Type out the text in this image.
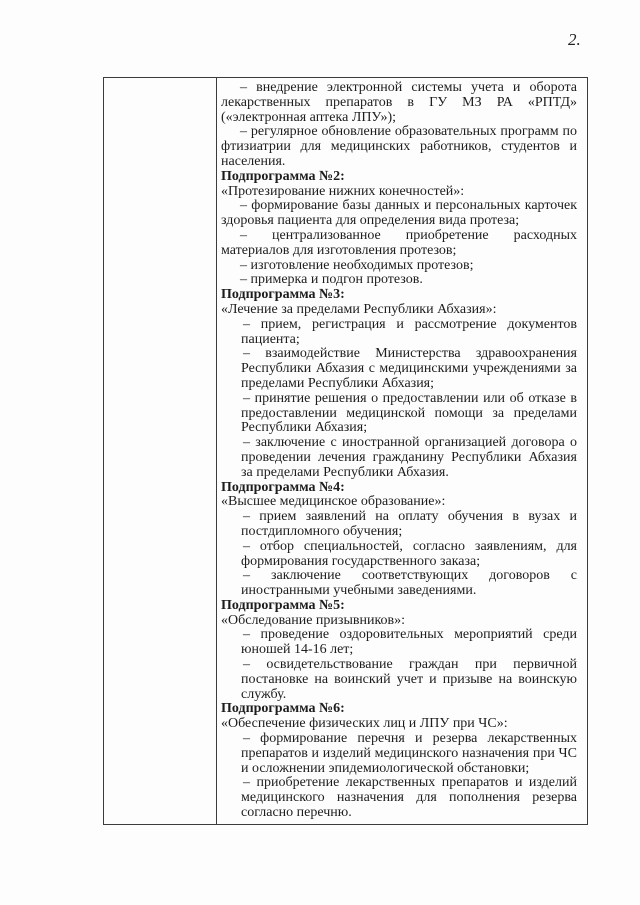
2.

– внедрение электронной системы учета и оборота лекарственных препаратов в ГУ МЗ РА «РПТД» («электронная аптека ЛПУ»);

– регулярное обновление образовательных программ по фтизиатрии для медицинских работников, студентов и населения.

Подпрограмма №2:

«Протезирование нижних конечностей»:

– формирование базы данных и персональных карточек здоровья пациента для определения вида протеза;

– централизованное приобретение расходных материалов для изготовления протезов;

– изготовление необходимых протезов;

– примерка и подгон протезов.

Подпрограмма №3:

«Лечение за пределами Республики Абхазия»:

– прием, регистрация и рассмотрение документов пациента;

– взаимодействие Министерства здравоохранения Республики Абхазия с медицинскими учреждениями за пределами Республики Абхазия;

– принятие решения о предоставлении или об отказе в предоставлении медицинской помощи за пределами Республики Абхазия;

– заключение с иностранной организацией договора о проведении лечения гражданину Республики Абхазия за пределами Республики Абхазия.

Подпрограмма №4:

«Высшее медицинское образование»:

– прием заявлений на оплату обучения в вузах и постдипломного обучения;

– отбор специальностей, согласно заявлениям, для формирования государственного заказа;

– заключение соответствующих договоров с иностранными учебными заведениями.

Подпрограмма №5:

«Обследование призывников»:

– проведение оздоровительных мероприятий среди юношей 14-16 лет;

– освидетельствование граждан при первичной постановке на воинский учет и призыве на воинскую службу.

Подпрограмма №6:

«Обеспечение физических лиц и ЛПУ при ЧС»:

– формирование перечня и резерва лекарственных препаратов и изделий медицинского назначения при ЧС и осложнении эпидемиологической обстановки;

– приобретение лекарственных препаратов и изделий медицинского назначения для пополнения резерва согласно перечню.
